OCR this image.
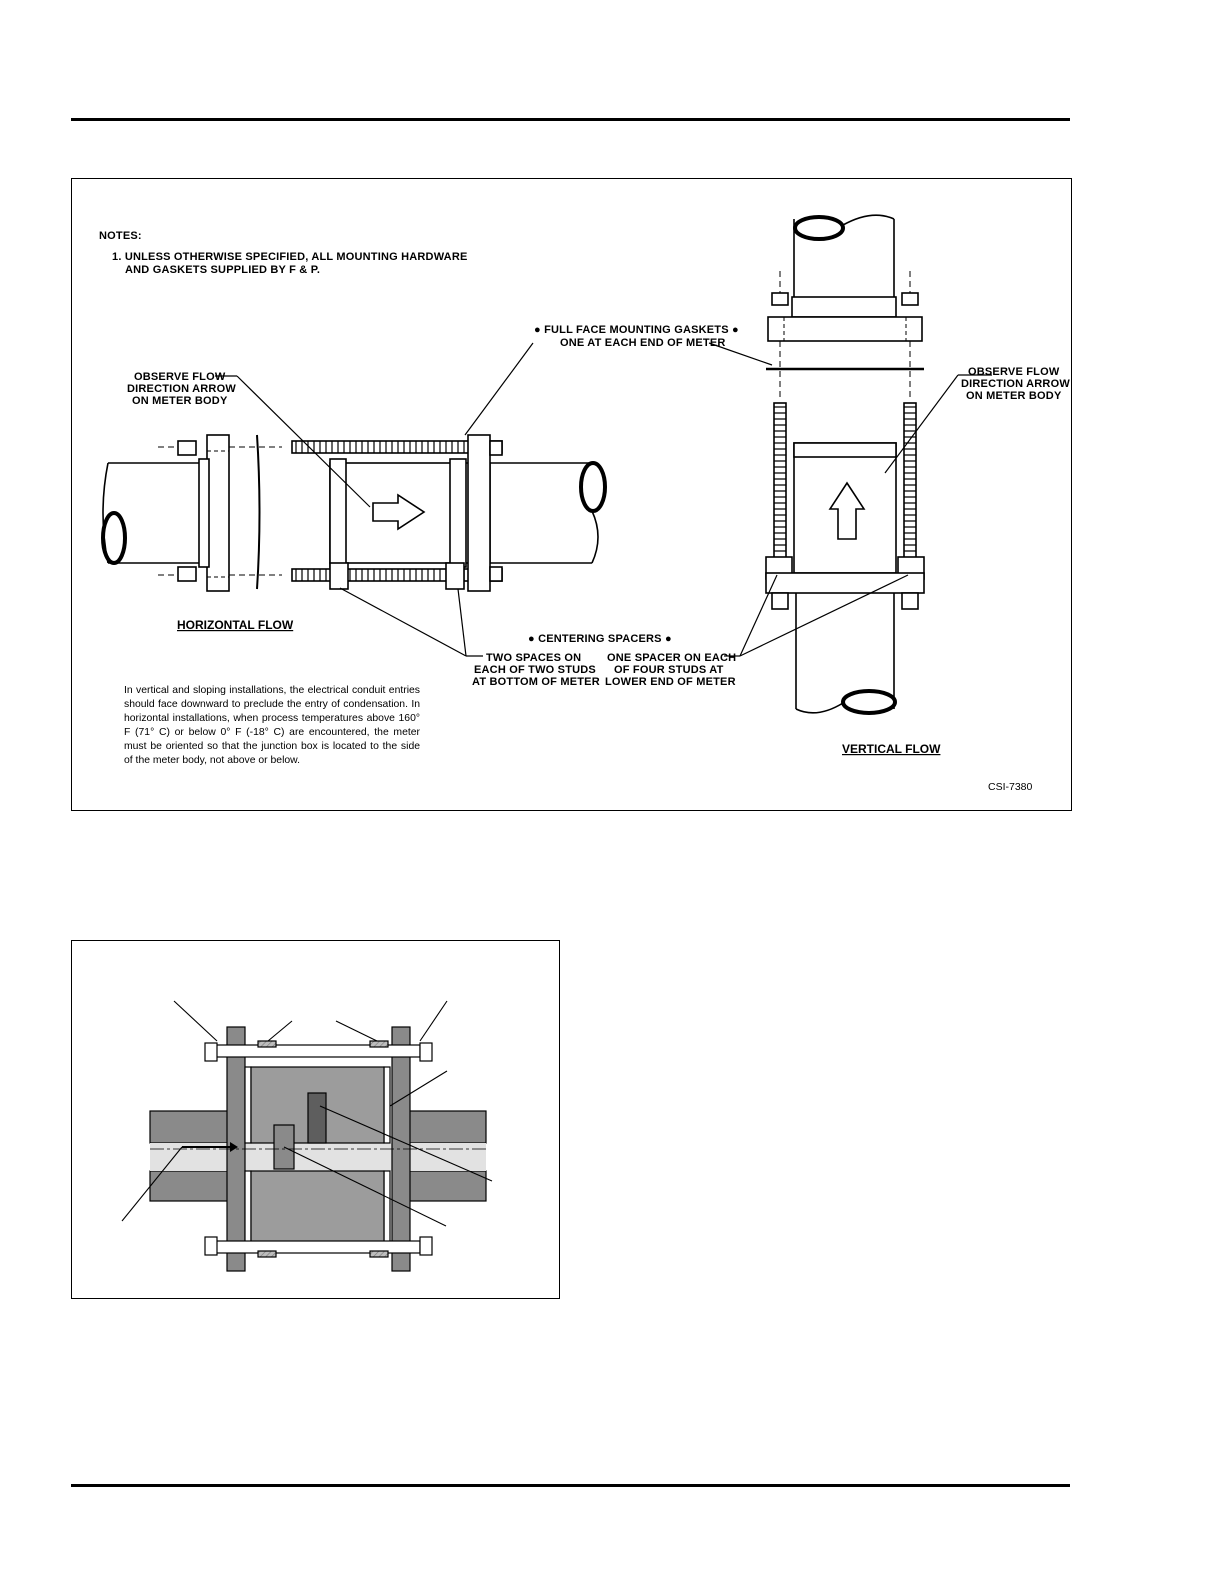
NOTES:
1. UNLESS OTHERWISE SPECIFIED, ALL MOUNTING HARDWARE
AND GASKETS SUPPLIED BY F & P.
● FULL FACE MOUNTING GASKETS ●
ONE AT EACH END OF METER
OBSERVE FLOW
DIRECTION ARROW
ON METER BODY
OBSERVE FLOW
DIRECTION ARROW
ON METER BODY
HORIZONTAL FLOW
● CENTERING SPACERS ●
TWO SPACES ON
EACH OF TWO STUDS
AT BOTTOM OF METER
ONE SPACER ON EACH
OF FOUR STUDS AT
LOWER END OF METER
VERTICAL FLOW
CSI-7380
In vertical and sloping installations, the electrical conduit entries should face downward to preclude the entry of condensation. In horizontal installations, when process temperatures above 160° F (71° C) or below 0° F (-18° C) are encountered, the meter must be oriented so that the junction box is located to the side of the meter body, not above or below.
